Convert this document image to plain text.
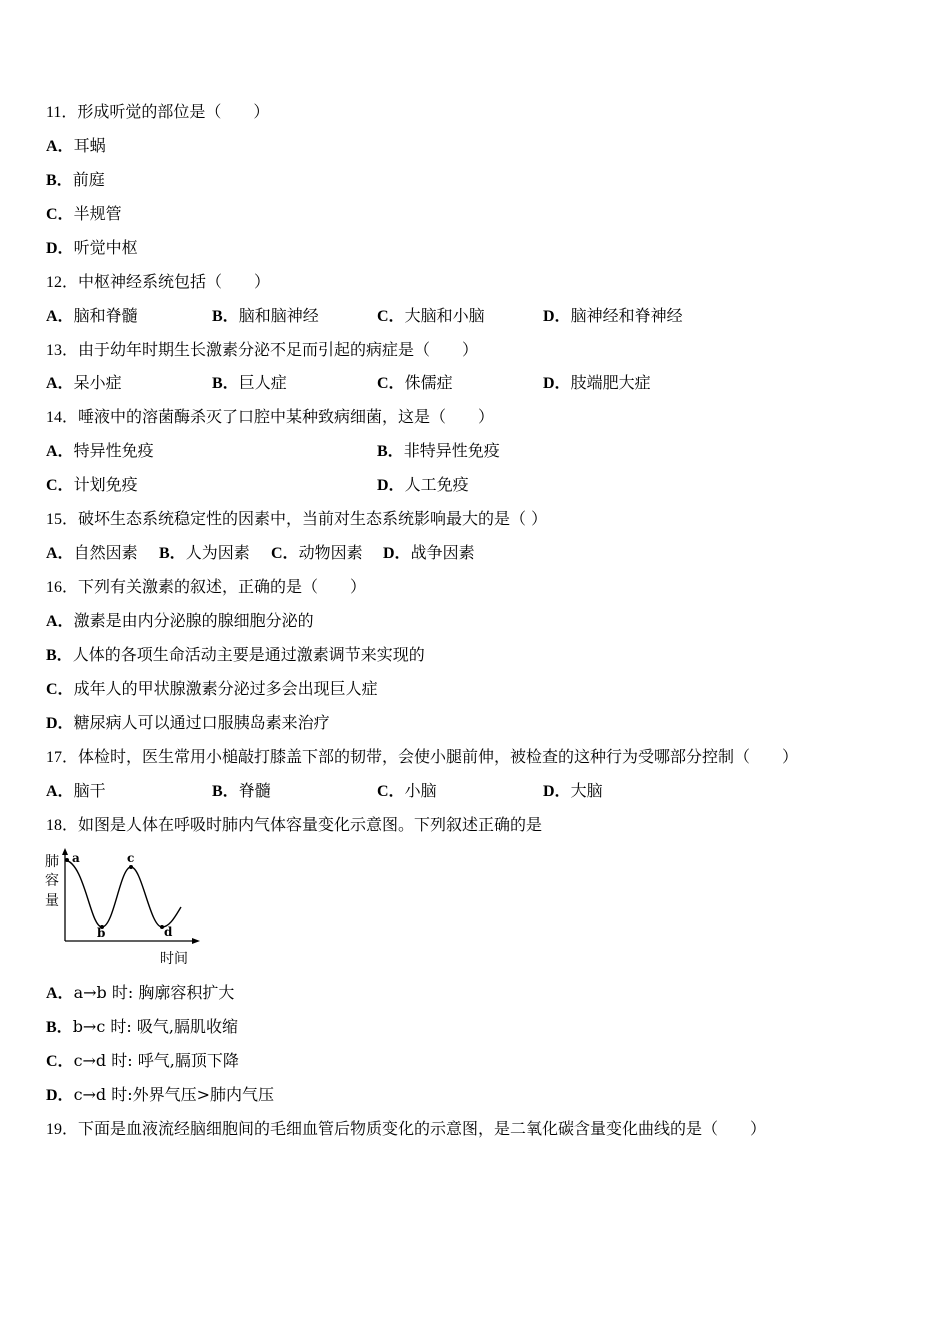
11．形成听觉的部位是（　　）
A．耳蜗
B．前庭
C．半规管
D．听觉中枢
12．中枢神经系统包括（　　）
A．脑和脊髓	B．脑和脑神经	C．大脑和小脑	D．脑神经和脊神经
13．由于幼年时期生长激素分泌不足而引起的病症是（　　）
A．呆小症	B．巨人症	C．侏儒症	D．肢端肥大症
14．唾液中的溶菌酶杀灭了口腔中某种致病细菌，这是（　　）
A．特异性免疫	B．非特异性免疫
C．计划免疫	D．人工免疫
15．破坏生态系统稳定性的因素中，当前对生态系统影响最大的是（ ）
A．自然因素 B．人为因素 C．动物因素 D．战争因素
16．下列有关激素的叙述，正确的是（　　）
A．激素是由内分泌腺的腺细胞分泌的
B．人体的各项生命活动主要是通过激素调节来实现的
C．成年人的甲状腺激素分泌过多会出现巨人症
D．糖尿病人可以通过口服胰岛素来治疗
17．体检时，医生常用小槌敲打膝盖下部的韧带，会使小腿前伸，被检查的这种行为受哪部分控制（　　）
A．脑干	B．脊髓	C．小脑	D．大脑
18．如图是人体在呼吸时肺内气体容量变化示意图。下列叙述正确的是
a
b
c
d
肺
容
量
时间
A．a→b 时: 胸廓容积扩大
B．b→c 时: 吸气,膈肌收缩
C．c→d 时: 呼气,膈顶下降
D．c→d 时:外界气压>肺内气压
19．下面是血液流经脑细胞间的毛细血管后物质变化的示意图，是二氧化碳含量变化曲线的是（　　）
